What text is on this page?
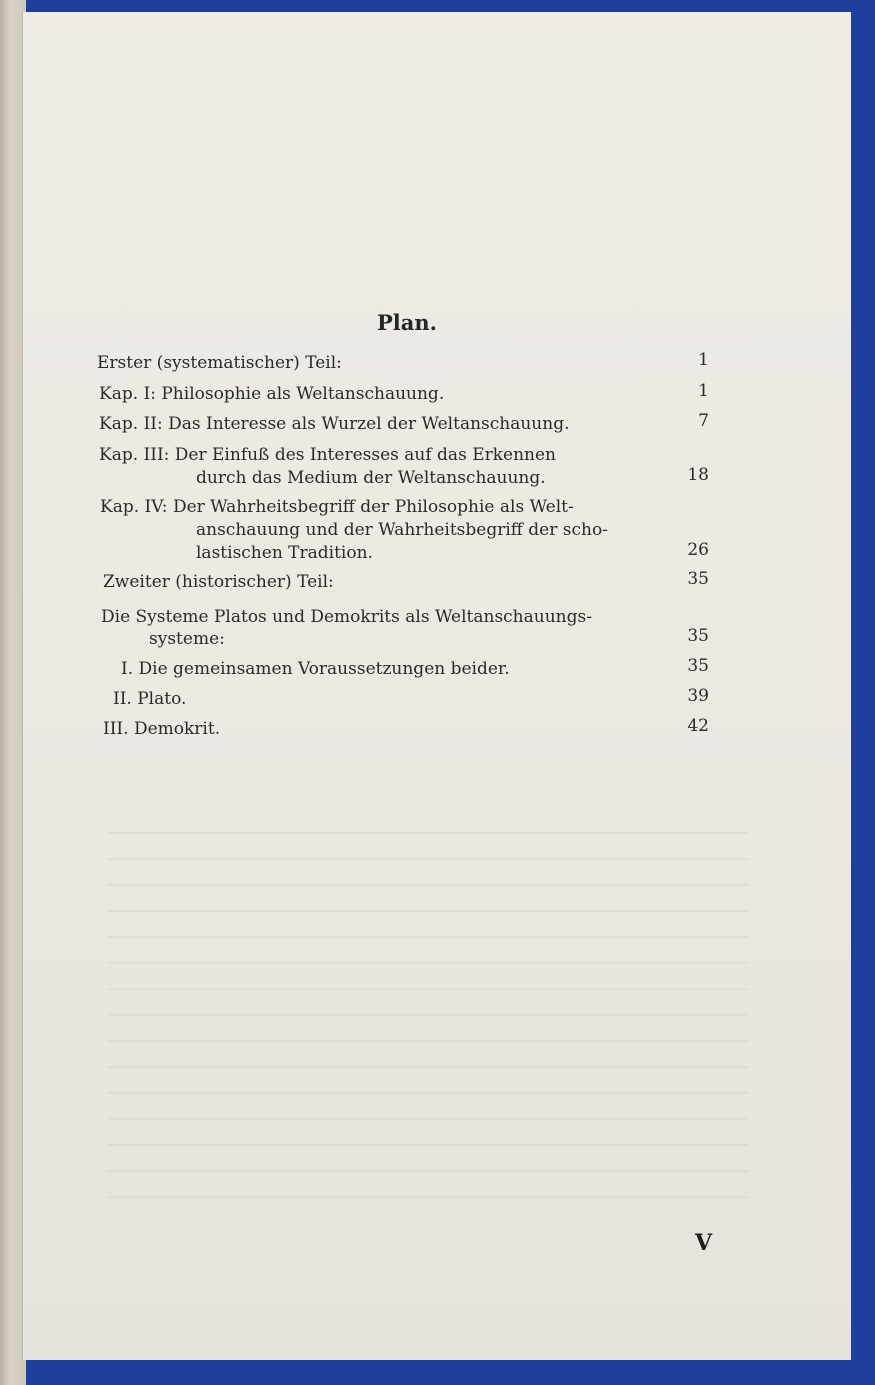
Plan.
Erster (systematischer) Teil:	1
Kap. I: Philosophie als Weltanschauung.	1
Kap. II: Das Interesse als Wurzel der Weltanschauung.	7
Kap. III: Der Einfuß des Interesses auf das Erkennen
durch das Medium der Weltanschauung.	18
Kap. IV: Der Wahrheitsbegriff der Philosophie als Welt-
anschauung und der Wahrheitsbegriff der scho-
lastischen Tradition.	26
Zweiter (historischer) Teil:	35
Die Systeme Platos und Demokrits als Weltanschauungs-
systeme:	35
I. Die gemeinsamen Voraussetzungen beider.	35
II. Plato.	39
III. Demokrit.	42
V
